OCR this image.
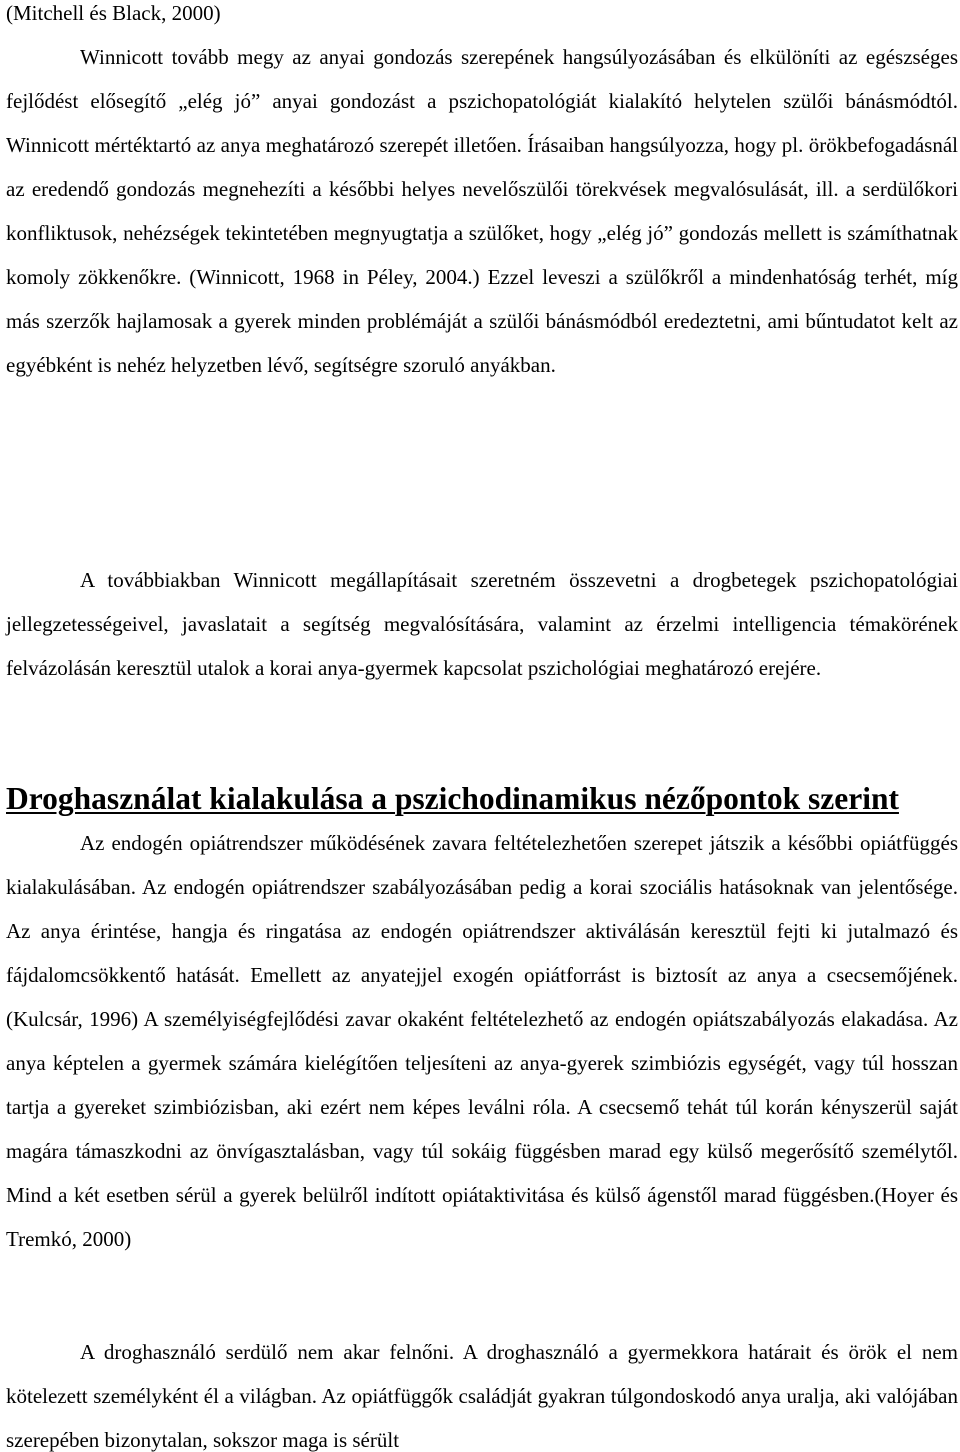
(Mitchell és Black, 2000)

Winnicott tovább megy az anyai gondozás szerepének hangsúlyozásában és elkülöníti az egészséges fejlődést elősegítő „elég jó” anyai gondozást a pszichopatológiát kialakító helytelen szülői bánásmódtól. Winnicott mértéktartó az anya meghatározó szerepét illetően. Írásaiban hangsúlyozza, hogy pl. örökbefogadásnál az eredendő gondozás megnehezíti a későbbi helyes nevelőszülői törekvések megvalósulását, ill. a serdülőkori konfliktusok, nehézségek tekintetében megnyugtatja a szülőket, hogy „elég jó” gondozás mellett is számíthatnak komoly zökkenőkre. (Winnicott, 1968 in Péley, 2004.) Ezzel leveszi a szülőkről a mindenhatóság terhét, míg más szerzők hajlamosak a gyerek minden problémáját a szülői bánásmódból eredeztetni, ami bűntudatot kelt az egyébként is nehéz helyzetben lévő, segítségre szoruló anyákban.

A továbbiakban Winnicott megállapításait szeretném összevetni a drogbetegek pszichopatológiai jellegzetességeivel, javaslatait a segítség megvalósítására, valamint az érzelmi intelligencia témakörének felvázolásán keresztül utalok a korai anya-gyermek kapcsolat pszichológiai meghatározó erejére.

Droghasználat kialakulása a pszichodinamikus nézőpontok szerint

Az endogén opiátrendszer működésének zavara feltételezhetően szerepet játszik a későbbi opiátfüggés kialakulásában. Az endogén opiátrendszer szabályozásában pedig a korai szociális hatásoknak van jelentősége. Az anya érintése, hangja és ringatása az endogén opiátrendszer aktiválásán keresztül fejti ki jutalmazó és fájdalomcsökkentő hatását. Emellett az anyatejjel exogén opiátforrást is biztosít az anya a csecsemőjének. (Kulcsár, 1996) A személyiségfejlődési zavar okaként feltételezhető az endogén opiátszabályozás elakadása. Az anya képtelen a gyermek számára kielégítően teljesíteni az anya-gyerek szimbiózis egységét, vagy túl hosszan tartja a gyereket szimbiózisban, aki ezért nem képes leválni róla. A csecsemő tehát túl korán kényszerül saját magára támaszkodni az önvígasztalásban, vagy túl sokáig függésben marad egy külső megerősítő személytől. Mind a két esetben sérül a gyerek belülről indított opiátaktivitása és külső ágenstől marad függésben.(Hoyer és Tremkó, 2000)

A droghasználó serdülő nem akar felnőni. A droghasználó a gyermekkora határait és örök el nem kötelezett személyként él a világban. Az opiátfüggők családját gyakran túlgondoskodó anya uralja, aki valójában szerepében bizonytalan, sokszor maga is sérült
